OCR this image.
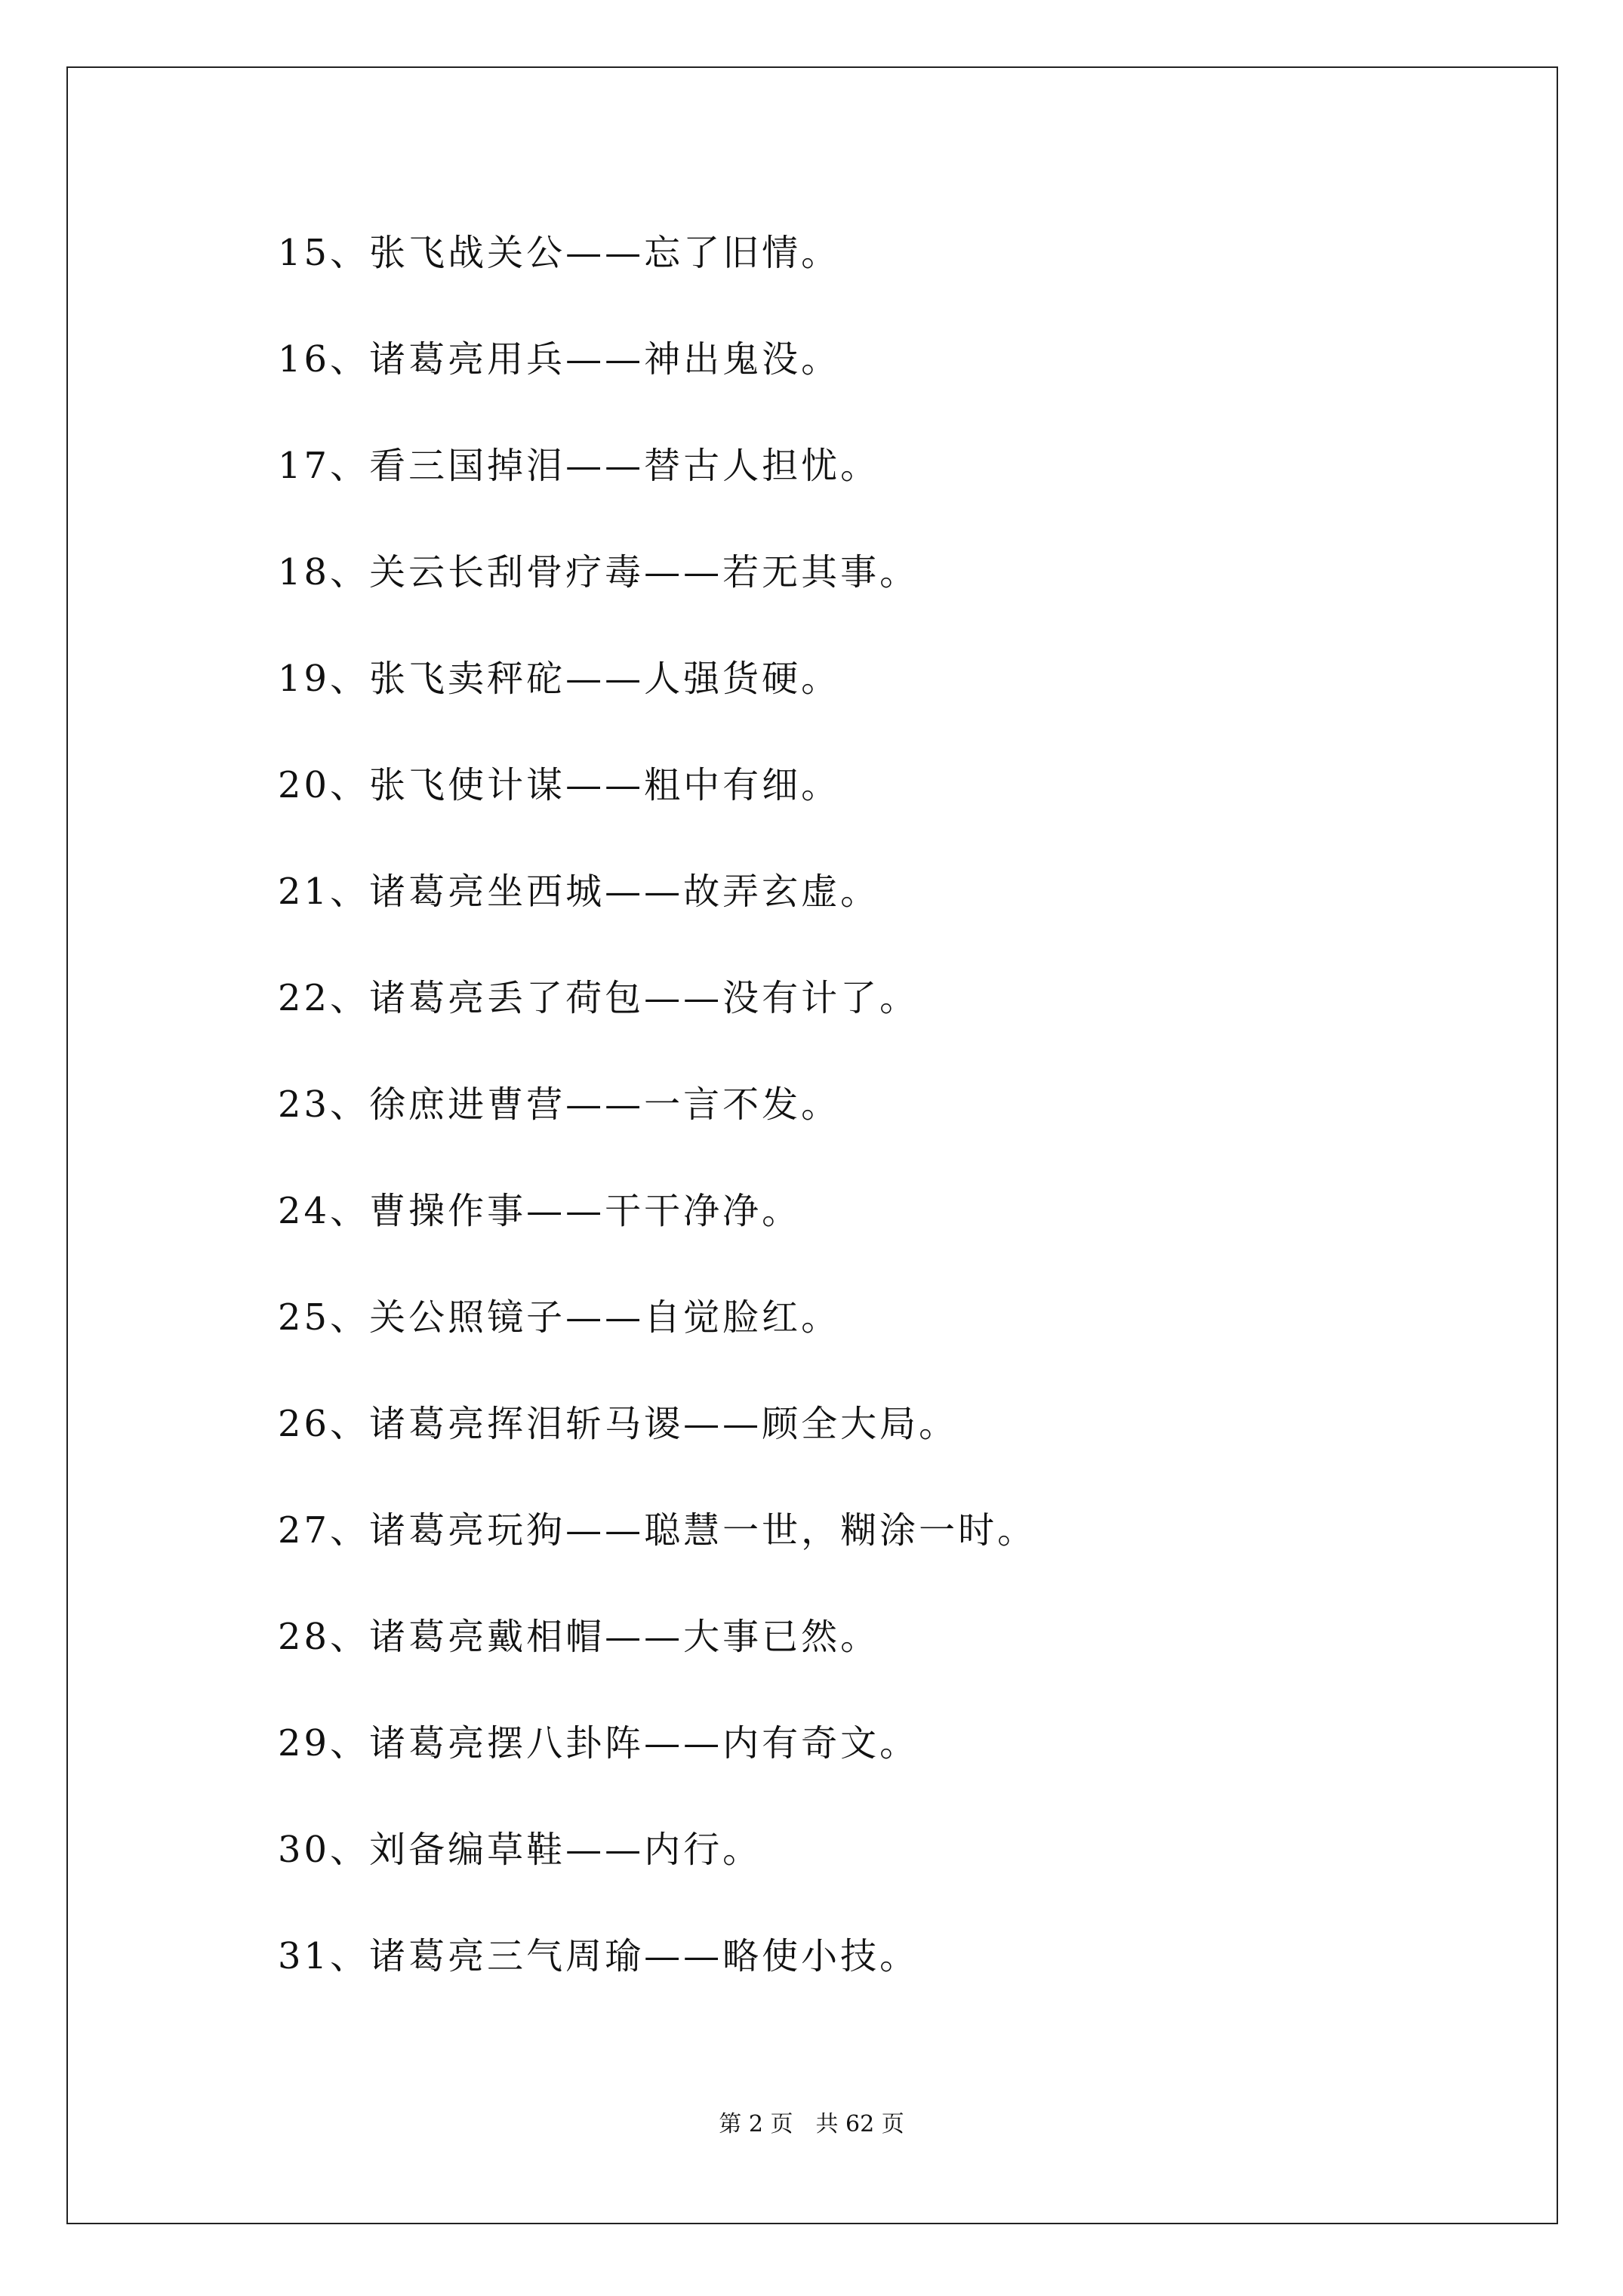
15、张飞战关公——忘了旧情。
16、诸葛亮用兵——神出鬼没。
17、看三国掉泪——替古人担忧。
18、关云长刮骨疗毒——若无其事。
19、张飞卖秤砣——人强货硬。
20、张飞使计谋——粗中有细。
21、诸葛亮坐西城——故弄玄虚。
22、诸葛亮丢了荷包——没有计了。
23、徐庶进曹营——一言不发。
24、曹操作事——干干净净。
25、关公照镜子——自觉脸红。
26、诸葛亮挥泪斩马谡——顾全大局。
27、诸葛亮玩狗——聪慧一世，糊涂一时。
28、诸葛亮戴相帽——大事已然。
29、诸葛亮摆八卦阵——内有奇文。
30、刘备编草鞋——内行。
31、诸葛亮三气周瑜——略使小技。
第 2 页　共 62 页
